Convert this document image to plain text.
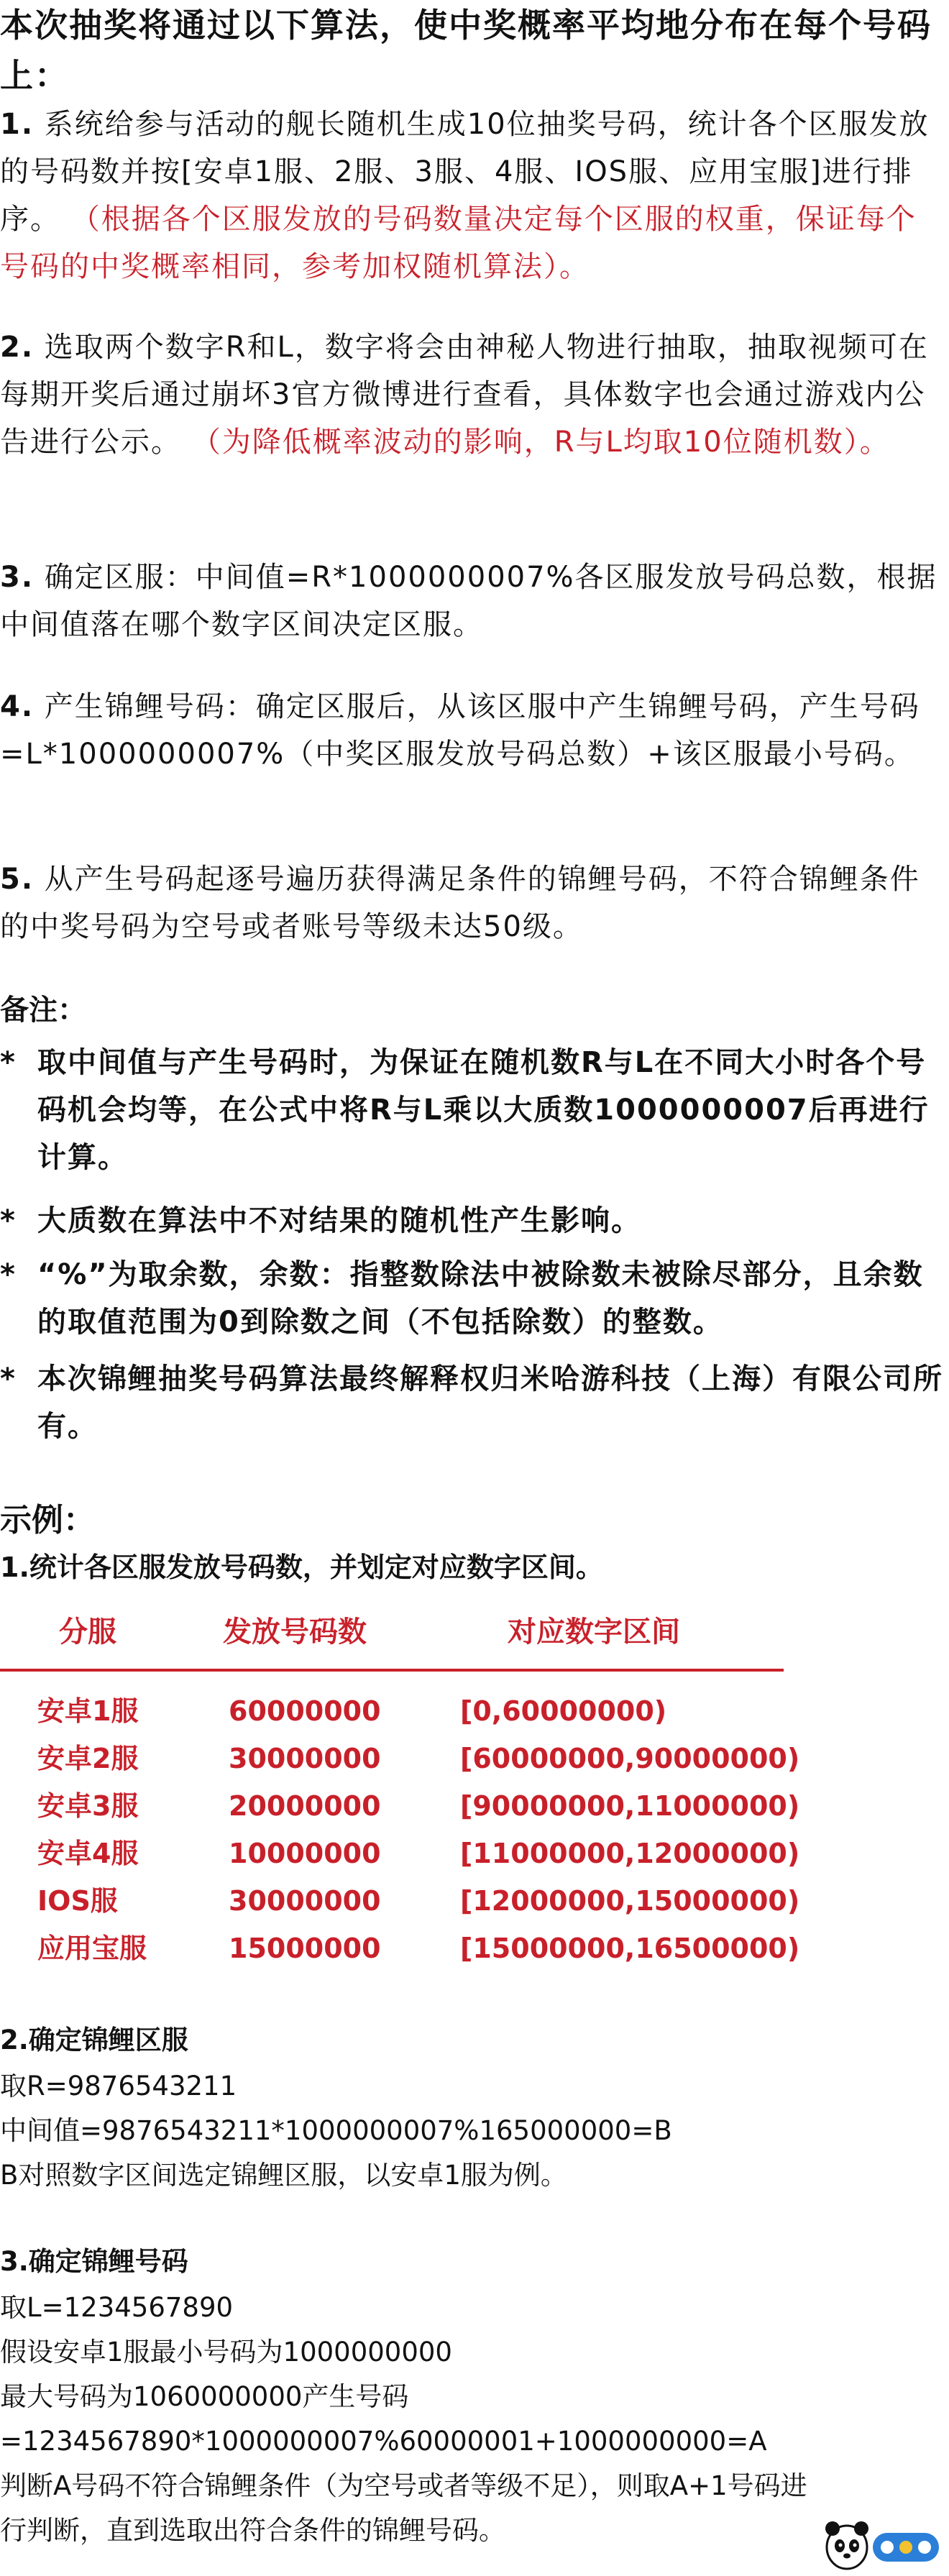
本次抽奖将通过以下算法，使中奖概率平均地分布在每个号码上：
1. 系统给参与活动的舰长随机生成10位抽奖号码，统计各个区服发放的号码数并按[安卓1服、2服、3服、4服、IOS服、应用宝服]进行排序。 （根据各个区服发放的号码数量决定每个区服的权重，保证每个号码的中奖概率相同，参考加权随机算法）。
2. 选取两个数字R和L，数字将会由神秘人物进行抽取，抽取视频可在每期开奖后通过崩坏3官方微博进行查看，具体数字也会通过游戏内公告进行公示。 （为降低概率波动的影响，R与L均取10位随机数）。
3. 确定区服：中间值=R*1000000007%各区服发放号码总数，根据中间值落在哪个数字区间决定区服。
4. 产生锦鲤号码：确定区服后，从该区服中产生锦鲤号码，产生号码=L*1000000007%（中奖区服发放号码总数）+该区服最小号码。
5. 从产生号码起逐号遍历获得满足条件的锦鲤号码，不符合锦鲤条件的中奖号码为空号或者账号等级未达50级。
备注：
* 取中间值与产生号码时，为保证在随机数R与L在不同大小时各个号码机会均等，在公式中将R与L乘以大质数1000000007后再进行计算。
* 大质数在算法中不对结果的随机性产生影响。
* “%”为取余数，余数：指整数除法中被除数未被除尽部分，且余数的取值范围为0到除数之间（不包括除数）的整数。
* 本次锦鲤抽奖号码算法最终解释权归米哈游科技（上海）有限公司所有。
示例：
1.统计各区服发放号码数，并划定对应数字区间。
分服	发放号码数	对应数字区间
安卓1服	60000000	[0,60000000)
安卓2服	30000000	[60000000,90000000)
安卓3服	20000000	[90000000,11000000)
安卓4服	10000000	[11000000,12000000)
IOS服	30000000	[12000000,15000000)
应用宝服	15000000	[15000000,16500000)
2.确定锦鲤区服
取R=9876543211
中间值=9876543211*1000000007%165000000=B
B对照数字区间选定锦鲤区服，以安卓1服为例。
3.确定锦鲤号码
取L=1234567890
假设安卓1服最小号码为1000000000
最大号码为1060000000产生号码
=1234567890*1000000007%60000001+1000000000=A
判断A号码不符合锦鲤条件（为空号或者等级不足），则取A+1号码进行判断，直到选取出符合条件的锦鲤号码。
